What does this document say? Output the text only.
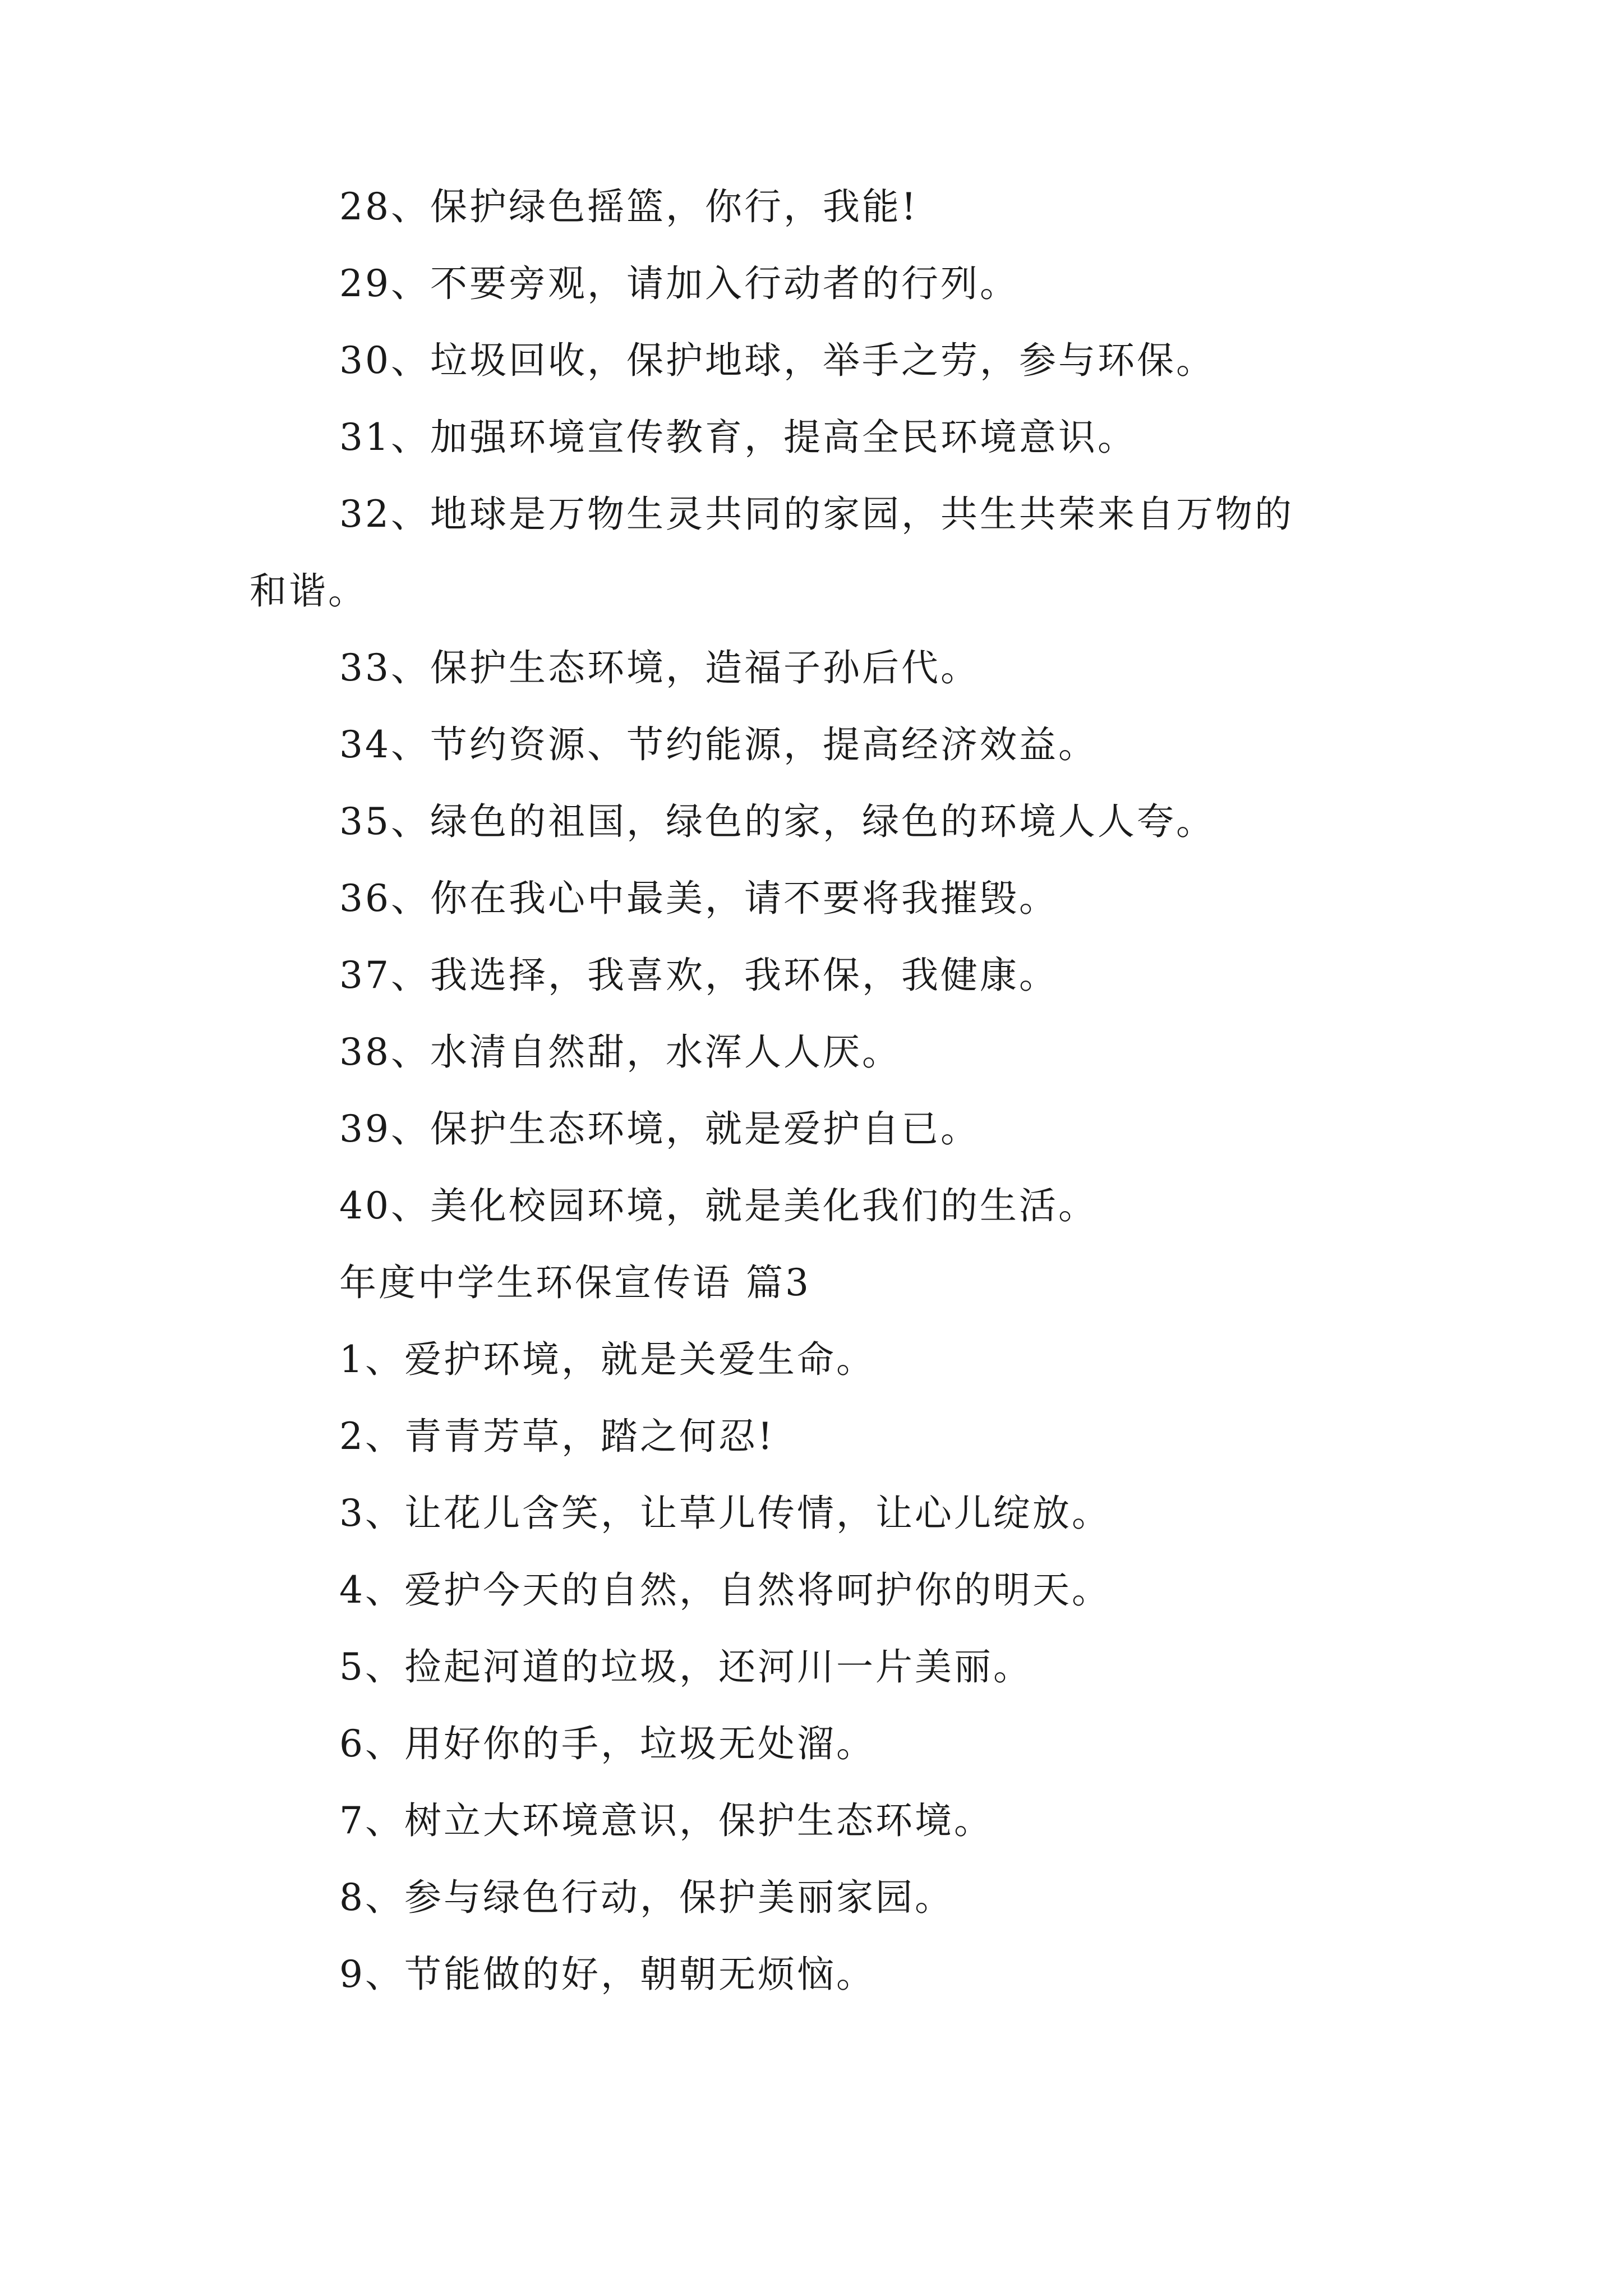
28、保护绿色摇篮，你行，我能!
29、不要旁观，请加入行动者的行列。
30、垃圾回收，保护地球，举手之劳，参与环保。
31、加强环境宣传教育，提高全民环境意识。
32、地球是万物生灵共同的家园，共生共荣来自万物的
和谐。
33、保护生态环境，造福子孙后代。
34、节约资源、节约能源，提高经济效益。
35、绿色的祖国，绿色的家，绿色的环境人人夸。
36、你在我心中最美，请不要将我摧毁。
37、我选择，我喜欢，我环保，我健康。
38、水清自然甜，水浑人人厌。
39、保护生态环境，就是爱护自已。
40、美化校园环境，就是美化我们的生活。
年度中学生环保宣传语 篇3
1、爱护环境，就是关爱生命。
2、青青芳草，踏之何忍!
3、让花儿含笑，让草儿传情，让心儿绽放。
4、爱护今天的自然，自然将呵护你的明天。
5、捡起河道的垃圾，还河川一片美丽。
6、用好你的手，垃圾无处溜。
7、树立大环境意识，保护生态环境。
8、参与绿色行动，保护美丽家园。
9、节能做的好，朝朝无烦恼。
